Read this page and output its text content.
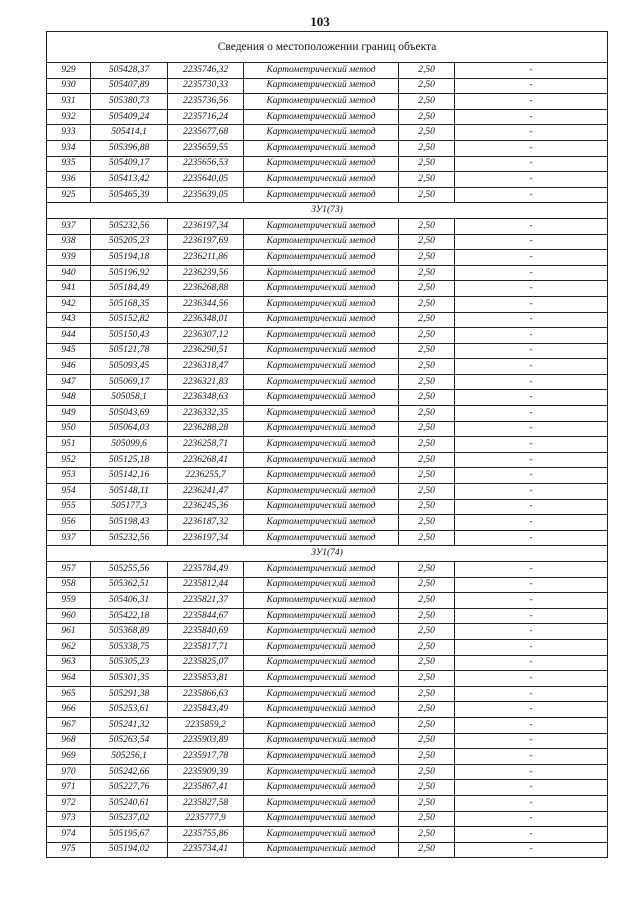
103
Сведения о местоположении границ объекта					
929	505428,37	2235746,32	Картометрический метод	2,50	-
930	505407,89	2235730,33	Картометрический метод	2,50	-
931	505380,73	2235736,56	Картометрический метод	2,50	-
932	505409,24	2235716,24	Картометрический метод	2,50	-
933	505414,1	2235677,68	Картометрический метод	2,50	-
934	505396,88	2235659,55	Картометрический метод	2,50	-
935	505409,17	2235656,53	Картометрический метод	2,50	-
936	505413,42	2235640,05	Картометрический метод	2,50	-
925	505465,39	2235639,05	Картометрический метод	2,50	-
ЗУ1(73)					
937	505232,56	2236197,34	Картометрический метод	2,50	-
938	505205,23	2236197,69	Картометрический метод	2,50	-
939	505194,18	2236211,86	Картометрический метод	2,50	-
940	505196,92	2236239,56	Картометрический метод	2,50	-
941	505184,49	2236268,88	Картометрический метод	2,50	-
942	505168,35	2236344,56	Картометрический метод	2,50	-
943	505152,82	2236348,01	Картометрический метод	2,50	-
944	505150,43	2236307,12	Картометрический метод	2,50	-
945	505121,78	2236290,51	Картометрический метод	2,50	-
946	505093,45	2236318,47	Картометрический метод	2,50	-
947	505069,17	2236321,83	Картометрический метод	2,50	-
948	505058,1	2236348,63	Картометрический метод	2,50	-
949	505043,69	2236332,35	Картометрический метод	2,50	-
950	505064,03	2236288,28	Картометрический метод	2,50	-
951	505099,6	2236258,71	Картометрический метод	2,50	-
952	505125,18	2236268,41	Картометрический метод	2,50	-
953	505142,16	2236255,7	Картометрический метод	2,50	-
954	505148,11	2236241,47	Картометрический метод	2,50	-
955	505177,3	2236245,36	Картометрический метод	2,50	-
956	505198,43	2236187,32	Картометрический метод	2,50	-
937	505232,56	2236197,34	Картометрический метод	2,50	-
ЗУ1(74)					
957	505255,56	2235784,49	Картометрический метод	2,50	-
958	505362,51	2235812,44	Картометрический метод	2,50	-
959	505406,31	2235821,37	Картометрический метод	2,50	-
960	505422,18	2235844,67	Картометрический метод	2,50	-
961	505368,89	2235840,69	Картометрический метод	2,50	-
962	505338,75	2235817,71	Картометрический метод	2,50	-
963	505305,23	2235825,07	Картометрический метод	2,50	-
964	505301,35	2235853,81	Картометрический метод	2,50	-
965	505291,38	2235866,63	Картометрический метод	2,50	-
966	505253,61	2235843,49	Картометрический метод	2,50	-
967	505241,32	2235859,2	Картометрический метод	2,50	-
968	505263,54	2235903,89	Картометрический метод	2,50	-
969	505256,1	2235917,78	Картометрический метод	2,50	-
970	505242,66	2235909,39	Картометрический метод	2,50	-
971	505227,76	2235867,41	Картометрический метод	2,50	-
972	505240,61	2235827,58	Картометрический метод	2,50	-
973	505237,02	2235777,9	Картометрический метод	2,50	-
974	505195,67	2235755,86	Картометрический метод	2,50	-
975	505194,02	2235734,41	Картометрический метод	2,50	-
